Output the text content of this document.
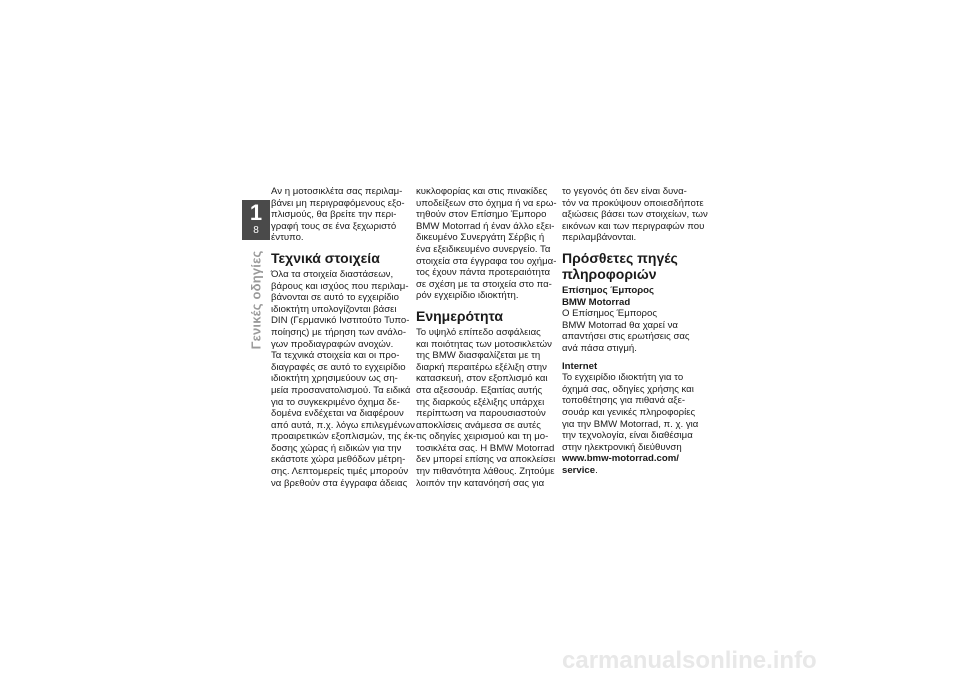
1
8
Γενικές οδηγίες
Αν η μοτοσικλέτα σας περιλαμ-
βάνει μη περιγραφόμενους εξο-
πλισμούς, θα βρείτε την περι-
γραφή τους σε ένα ξεχωριστό
έντυπο.
Τεχνικά στοιχεία
Όλα τα στοιχεία διαστάσεων,
βάρους και ισχύος που περιλαμ-
βάνονται σε αυτό το εγχειρίδιο
ιδιοκτήτη υπολογίζονται βάσει
DIN (Γερμανικό Ινστιτούτο Τυπο-
ποίησης) με τήρηση των ανάλο-
γων προδιαγραφών ανοχών.
Τα τεχνικά στοιχεία και οι προ-
διαγραφές σε αυτό το εγχειρίδιο
ιδιοκτήτη χρησιμεύουν ως ση-
μεία προσανατολισμού. Τα ειδικά
για το συγκεκριμένο όχημα δε-
δομένα ενδέχεται να διαφέρουν
από αυτά, π.χ. λόγω επιλεγμένων
προαιρετικών εξοπλισμών, της έκ-
δοσης χώρας ή ειδικών για την
εκάστοτε χώρα μεθόδων μέτρη-
σης. Λεπτομερείς τιμές μπορούν
να βρεθούν στα έγγραφα άδειας
κυκλοφορίας και στις πινακίδες
υποδείξεων στο όχημα ή να ερω-
τηθούν στον Επίσημο Έμπορο
BMW Motorrad ή έναν άλλο εξει-
δικευμένο Συνεργάτη Σέρβις ή
ένα εξειδικευμένο συνεργείο. Τα
στοιχεία στα έγγραφα του οχήμα-
τος έχουν πάντα προτεραιότητα
σε σχέση με τα στοιχεία στο πα-
ρόν εγχειρίδιο ιδιοκτήτη.
Ενημερότητα
Το υψηλό επίπεδο ασφάλειας
και ποιότητας των μοτοσικλετών
της BMW διασφαλίζεται με τη
διαρκή περαιτέρω εξέλιξη στην
κατασκευή, στον εξοπλισμό και
στα αξεσουάρ. Εξαιτίας αυτής
της διαρκούς εξέλιξης υπάρχει
περίπτωση να παρουσιαστούν
αποκλίσεις ανάμεσα σε αυτές
τις οδηγίες χειρισμού και τη μο-
τοσικλέτα σας. Η BMW Motorrad
δεν μπορεί επίσης να αποκλείσει
την πιθανότητα λάθους. Ζητούμε
λοιπόν την κατανόησή σας για
το γεγονός ότι δεν είναι δυνα-
τόν να προκύψουν οποιεσδήποτε
αξιώσεις βάσει των στοιχείων, των
εικόνων και των περιγραφών που
περιλαμβάνονται.
Πρόσθετες πηγές
πληροφοριών
Επίσημος Έμπορος
BMW Motorrad
Ο Επίσημος Έμπορος
BMW Motorrad θα χαρεί να
απαντήσει στις ερωτήσεις σας
ανά πάσα στιγμή.
Internet
Το εγχειρίδιο ιδιοκτήτη για το
όχημά σας, οδηγίες χρήσης και
τοποθέτησης για πιθανά αξε-
σουάρ και γενικές πληροφορίες
για την BMW Motorrad, π. χ. για
την τεχνολογία, είναι διαθέσιμα
στην ηλεκτρονική διεύθυνση
www.bmw-motorrad.com/
service.
carmanualsonline.info
